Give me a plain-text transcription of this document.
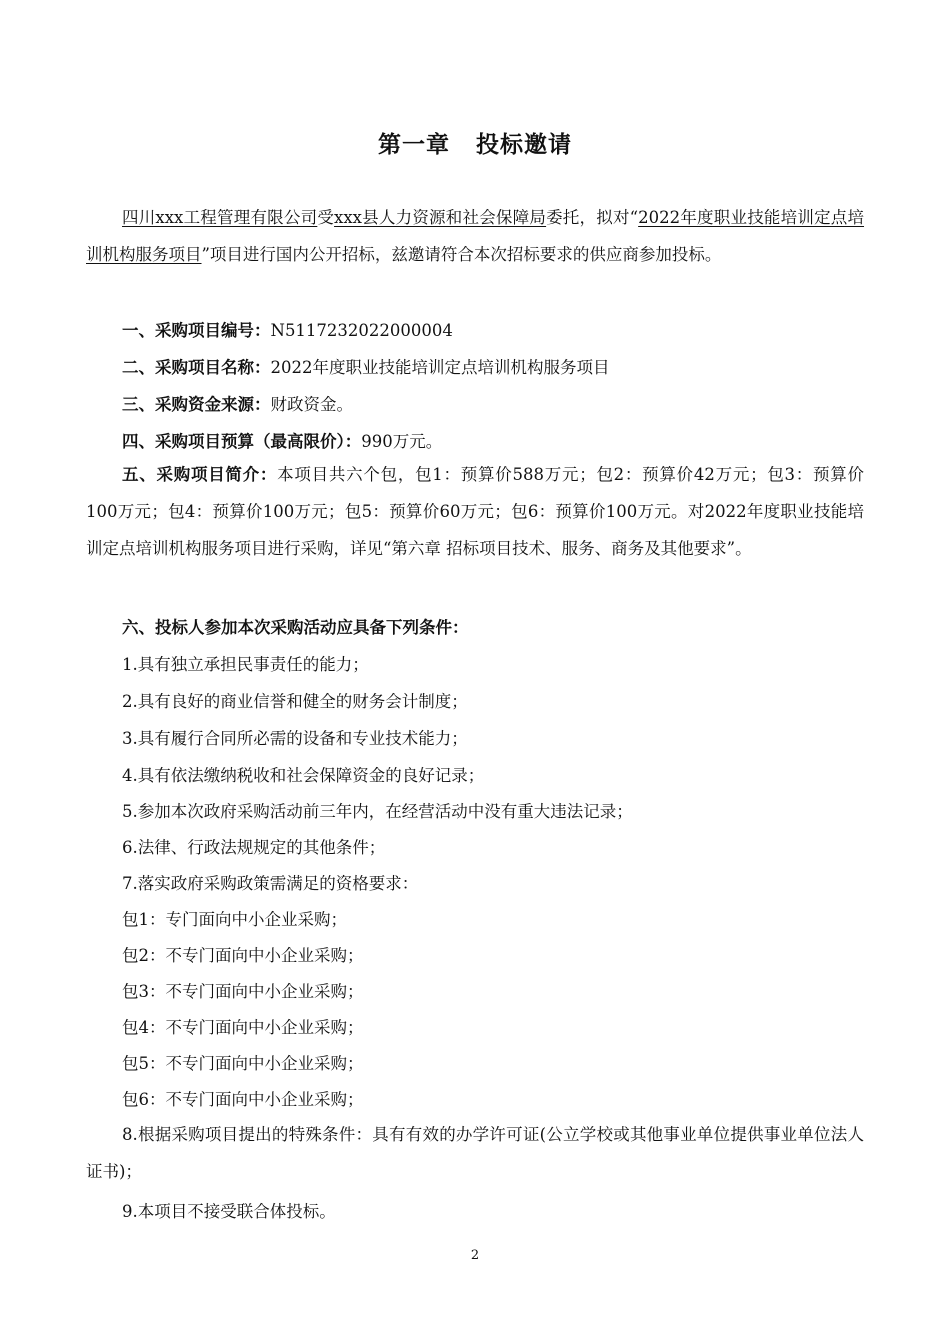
第一章 投标邀请
四川xxx工程管理有限公司受xxx县人力资源和社会保障局委托，拟对“2022年度职业技能培训定点培训机构服务项目”项目进行国内公开招标，兹邀请符合本次招标要求的供应商参加投标。
一、采购项目编号：N5117232022000004
二、采购项目名称：2022年度职业技能培训定点培训机构服务项目
三、采购资金来源：财政资金。
四、采购项目预算（最高限价）：990万元。
五、采购项目简介：本项目共六个包，包1：预算价588万元；包2：预算价42万元；包3：预算价100万元；包4：预算价100万元；包5：预算价60万元；包6：预算价100万元。对2022年度职业技能培训定点培训机构服务项目进行采购，详见“第六章 招标项目技术、服务、商务及其他要求”。
六、投标人参加本次采购活动应具备下列条件：
1.具有独立承担民事责任的能力；
2.具有良好的商业信誉和健全的财务会计制度；
3.具有履行合同所必需的设备和专业技术能力；
4.具有依法缴纳税收和社会保障资金的良好记录；
5.参加本次政府采购活动前三年内，在经营活动中没有重大违法记录；
6.法律、行政法规规定的其他条件；
7.落实政府采购政策需满足的资格要求：
包1：专门面向中小企业采购；
包2：不专门面向中小企业采购；
包3：不专门面向中小企业采购；
包4：不专门面向中小企业采购；
包5：不专门面向中小企业采购；
包6：不专门面向中小企业采购；
8.根据采购项目提出的特殊条件：具有有效的办学许可证(公立学校或其他事业单位提供事业单位法人证书)；
9.本项目不接受联合体投标。
2
